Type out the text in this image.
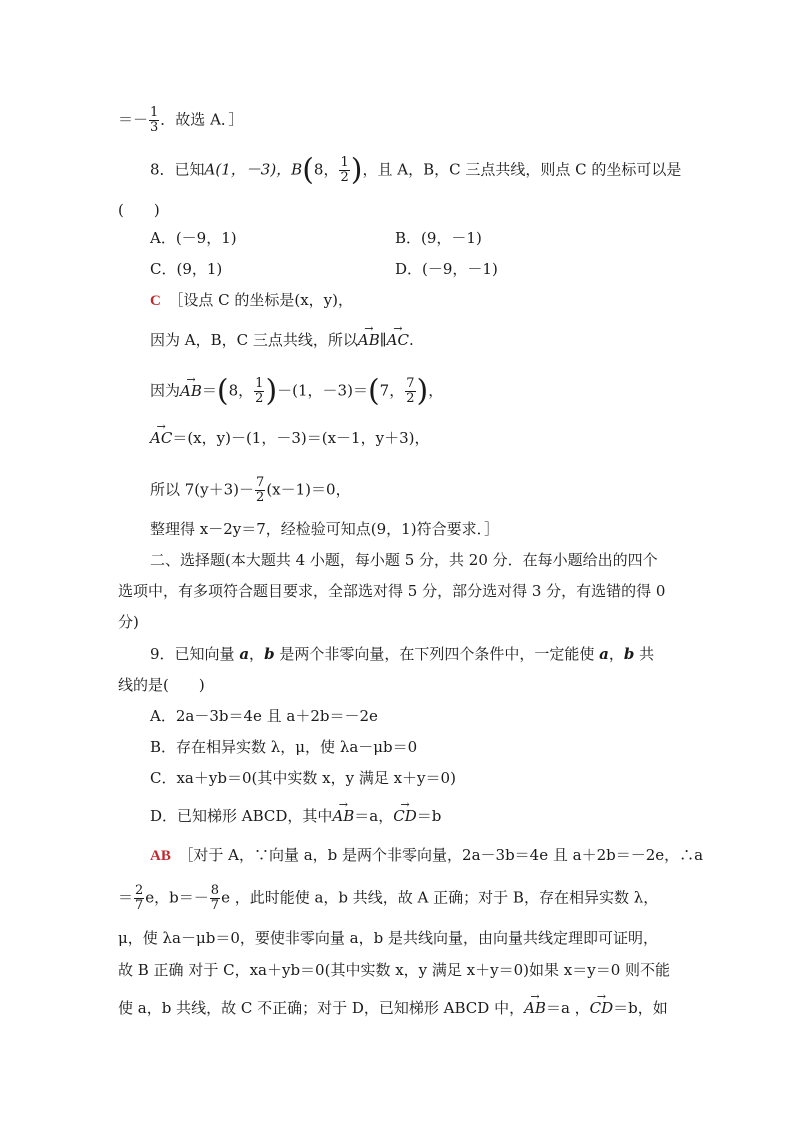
＝－ $\frac{1}{3}$ ．故选 A．］
8．已知A(1，－3)，B(8， $\frac{1}{2}$ )，且 A，B，C 三点共线，则点 C 的坐标可以是
(　　)
A．(－9，1)	B．(9，－1)
C．(9，1)	D．(－9，－1)
C　 ［设点 C 的坐标是(x，y)，
因为 A，B，C 三点共线，所以→ AB∥→ AC.
因为→ AB＝(8， $\frac{1}{2} )-(1$，－3)＝(7， $\frac{7}{2}$ )，
→ AC＝(x，y)－(1，－3)＝(x－1，y＋3)，
所以 $7(y+3)- \frac{7}{2} (x-1)=0$，
整理得 x－2y＝7，经检验可知点(9，1)符合要求．］
二、选择题(本大题共 4 小题，每小题 5 分，共 20 分．在每小题给出的四个
选项中，有多项符合题目要求，全部选对得 5 分，部分选对得 3 分，有选错的得 0
分)
9．已知向量 a，b 是两个非零向量，在下列四个条件中，一定能使 a，b 共
线的是(　　)
A．2a－3b＝4e 且 a＋2b＝－2e
B．存在相异实数 λ，μ，使 λa－μb＝0
C．xa＋yb＝0(其中实数 x，y 满足 x＋y＝0)
D．已知梯形 ABCD，其中→ AB＝a，→ CD＝b
AB　 ［对于 A，∵向量 a，b 是两个非零向量，2a－3b＝4e 且 a＋2b＝－2e，∴a
＝ $\frac{2}{7}$ e，$b=- \frac{8}{7}$ e ，此时能使 a，b 共线，故 A 正确；对于 B，存在相异实数 λ，
μ，使 λa－μb＝0，要使非零向量 a，b 是共线向量，由向量共线定理即可证明，
故 B 正确 对于 C，xa＋yb＝0(其中实数 x，y 满足 x＋y＝0)如果 x＝y＝0 则不能
使 a，b 共线，故 C 不正确；对于 D，已知梯形 ABCD 中，→ AB＝a ，→ CD＝b，如
